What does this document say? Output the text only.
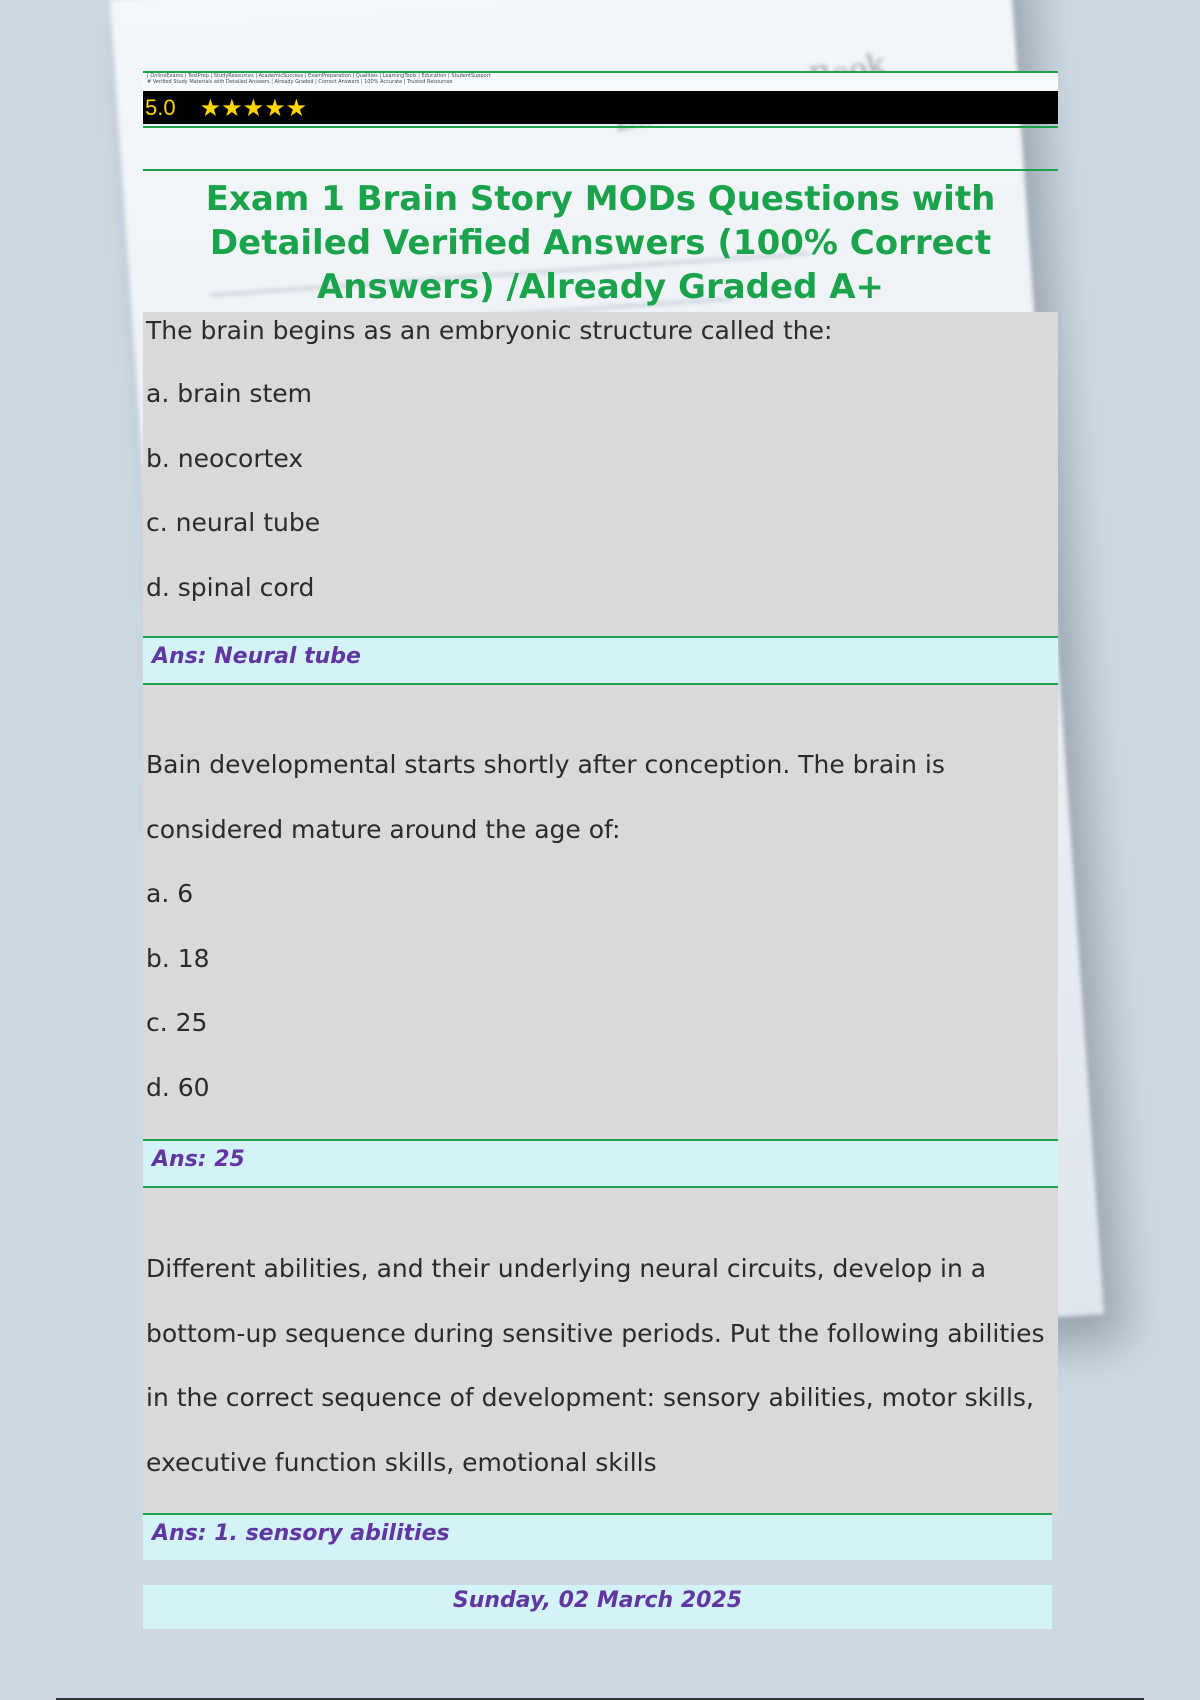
| OnlineExams | TestPrep | StudyResources | AcademicSuccess | ExamPreparation | Qualities | LearningTools | Education | StudentSupport
# Verified Study Materials with Detailed Answers | Already Graded | Correct Answers | 100% Accurate | Trusted Resources
5.0 ★★★★★
Exam 1 Brain Story MODs Questions with Detailed Verified Answers (100% Correct Answers) /Already Graded A+

The brain begins as an embryonic structure called the:

a. brain stem

b. neocortex

c. neural tube

d. spinal cord

Ans: Neural tube

Bain developmental starts shortly after conception. The brain is

considered mature around the age of:

a. 6

b. 18

c. 25

d. 60

Ans: 25

Different abilities, and their underlying neural circuits, develop in a

bottom-up sequence during sensitive periods. Put the following abilities

in the correct sequence of development: sensory abilities, motor skills,

executive function skills, emotional skills

Ans: 1. sensory abilities
Sunday, 02 March 2025
